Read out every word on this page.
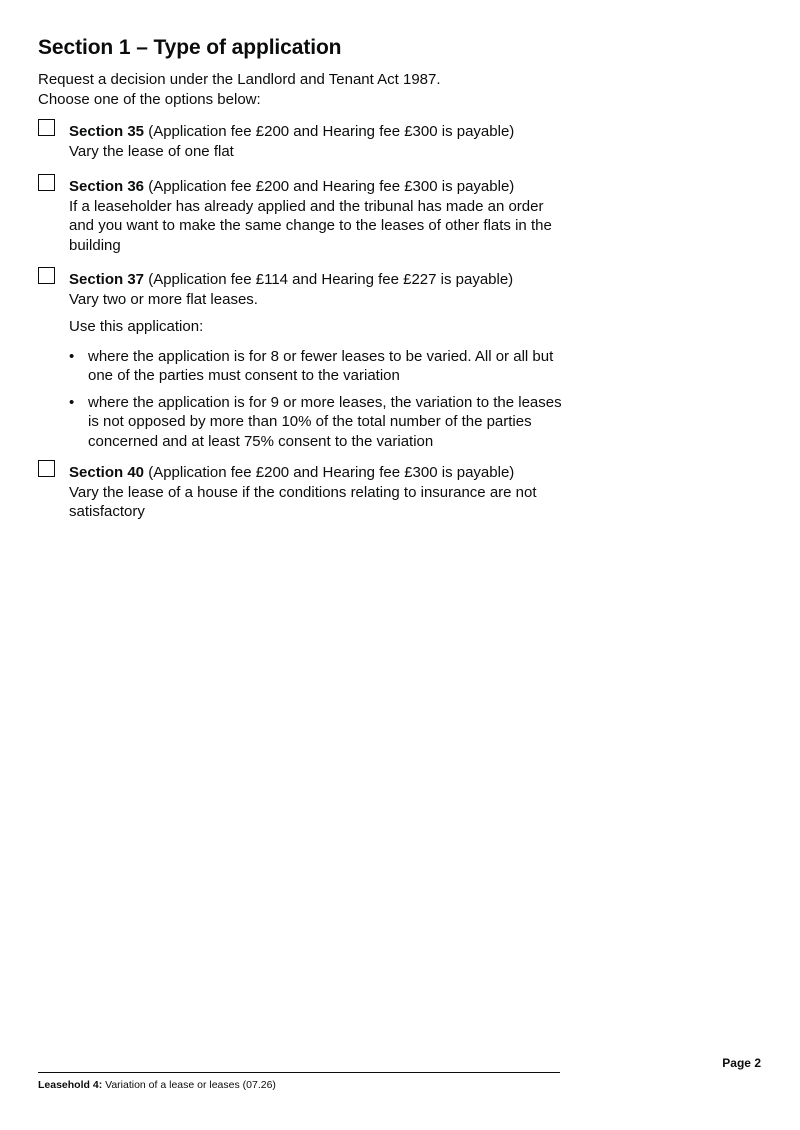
Section 1 – Type of application

Request a decision under the Landlord and Tenant Act 1987.

Choose one of the options below:

Section 35 (Application fee £200 and Hearing fee £300 is payable)

Vary the lease of one flat

Section 36 (Application fee £200 and Hearing fee £300 is payable)

If a leaseholder has already applied and the tribunal has made an order and you want to make the same change to the leases of other flats in the building

Section 37 (Application fee £114 and Hearing fee £227 is payable)

Vary two or more flat leases.

Use this application:

• where the application is for 8 or fewer leases to be varied. All or all but one of the parties must consent to the variation
• where the application is for 9 or more leases, the variation to the leases is not opposed by more than 10% of the total number of the parties concerned and at least 75% consent to the variation

Section 40 (Application fee £200 and Hearing fee £300 is payable)

Vary the lease of a house if the conditions relating to insurance are not satisfactory

Page 2
Leasehold 4: Variation of a lease or leases (07.26)
